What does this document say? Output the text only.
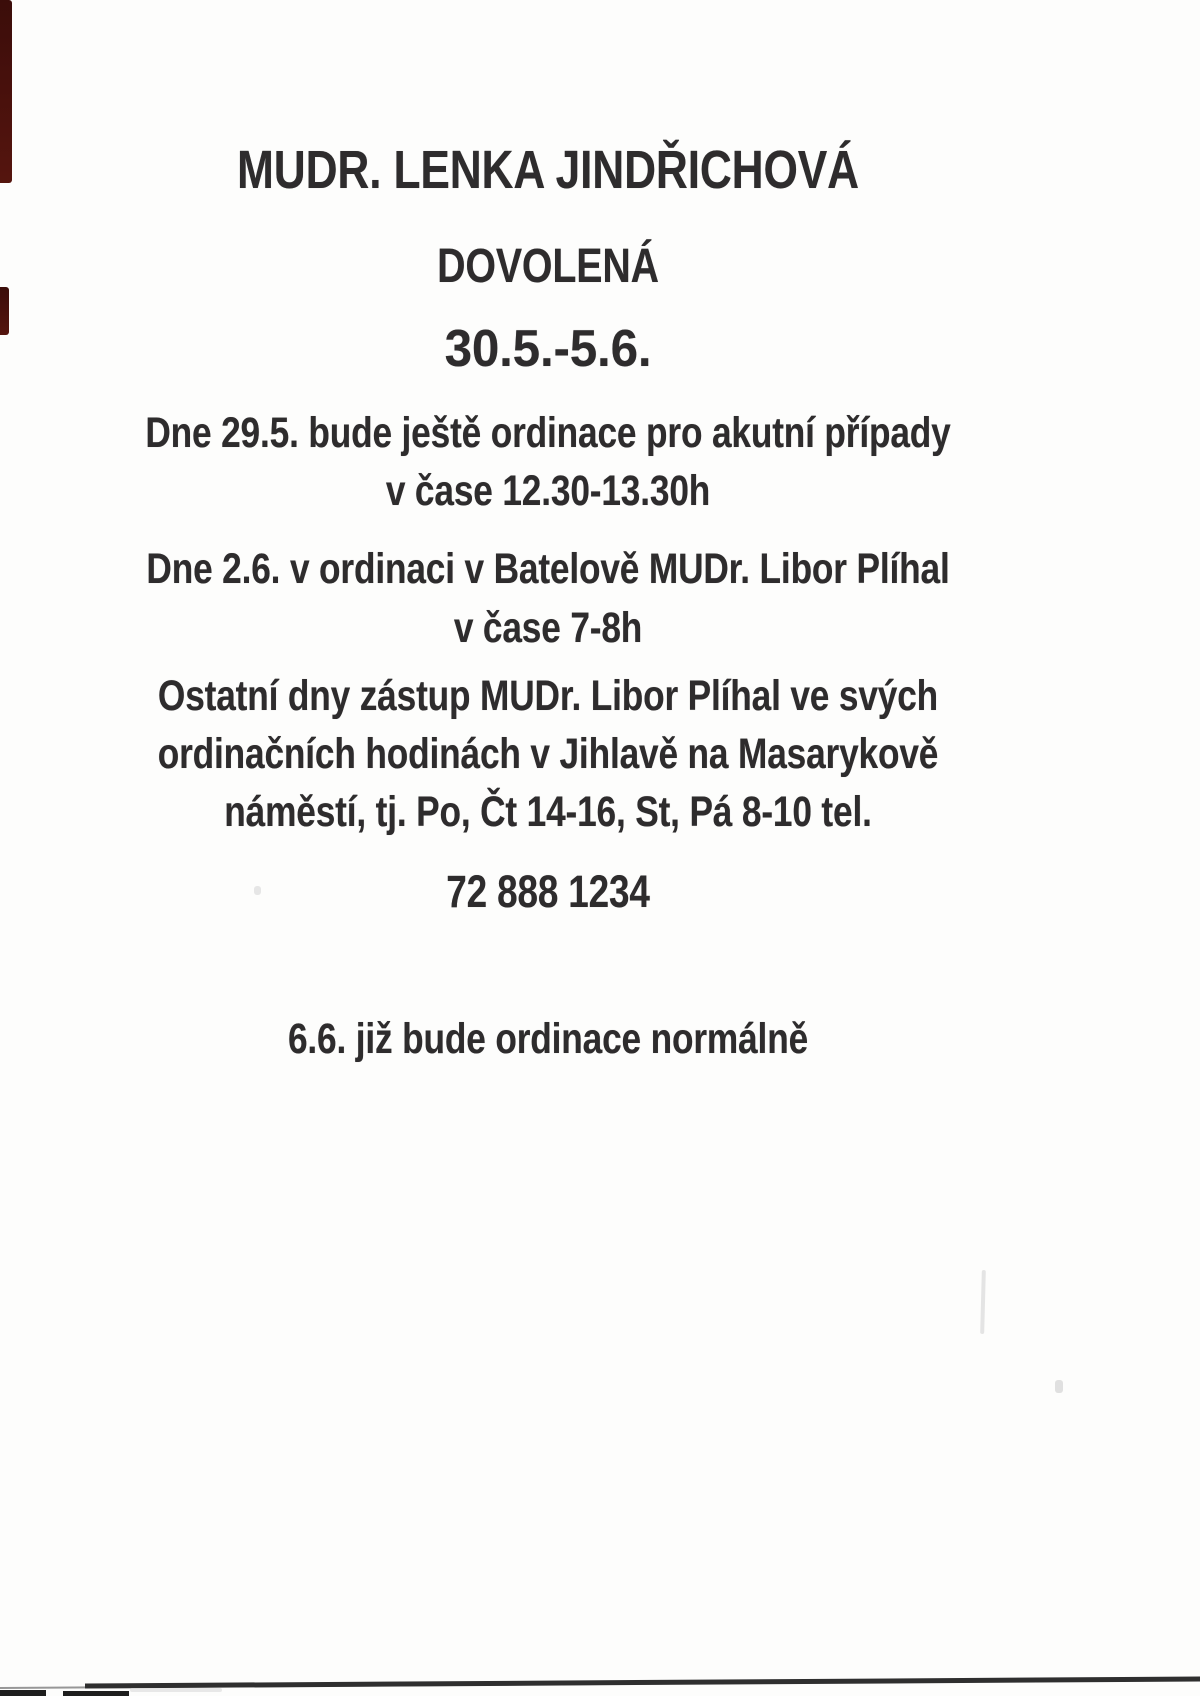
MUDR. LENKA JINDŘICHOVÁ
DOVOLENÁ
30.5.-5.6.
Dne 29.5. bude ještě ordinace pro akutní případy
v čase 12.30-13.30h
Dne 2.6. v ordinaci v Batelově MUDr. Libor Plíhal
v čase 7-8h
Ostatní dny zástup MUDr. Libor Plíhal ve svých
ordinačních hodinách v Jihlavě na Masarykově
náměstí, tj. Po, Čt 14-16, St, Pá 8-10 tel.
72 888 1234
6.6. již bude ordinace normálně
